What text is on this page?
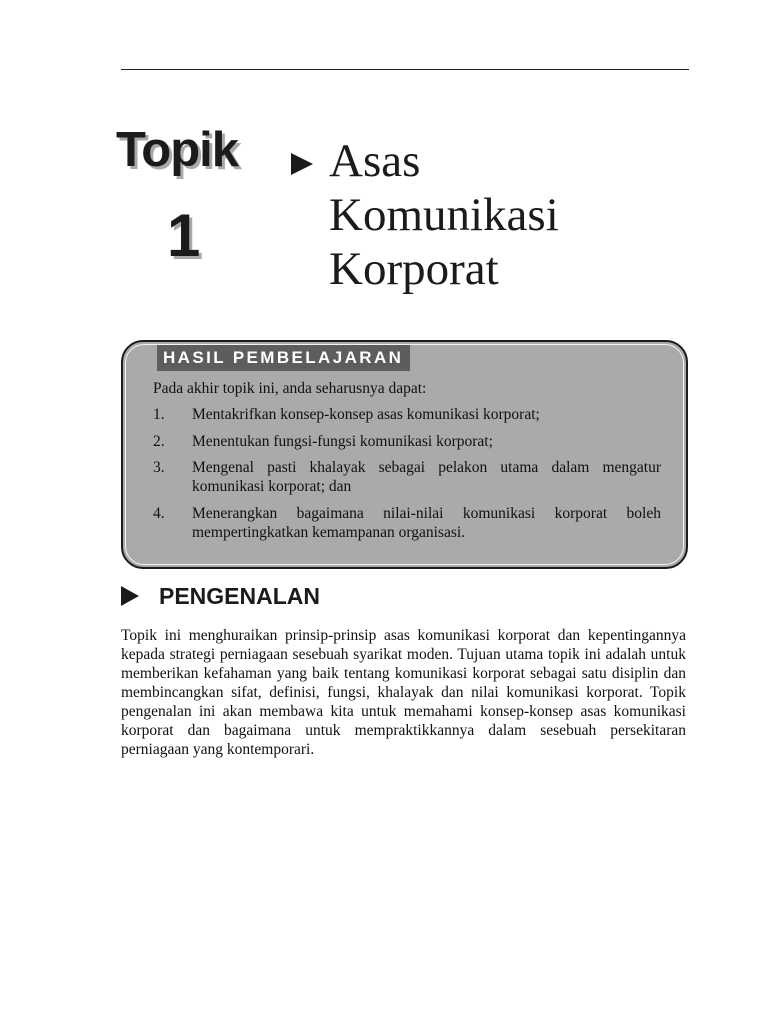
Topik
1
Asas
Komunikasi
Korporat
HASIL PEMBELAJARAN
Pada akhir topik ini, anda seharusnya dapat:
1. Mentakrifkan konsep-konsep asas komunikasi korporat;
2. Menentukan fungsi-fungsi komunikasi korporat;
3. Mengenal pasti khalayak sebagai pelakon utama dalam mengatur komunikasi korporat; dan
4. Menerangkan bagaimana nilai-nilai komunikasi korporat boleh mempertingkatkan kemampanan organisasi.
PENGENALAN

Topik ini menghuraikan prinsip-prinsip asas komunikasi korporat dan kepentingannya kepada strategi perniagaan sesebuah syarikat moden. Tujuan utama topik ini adalah untuk memberikan kefahaman yang baik tentang komunikasi korporat sebagai satu disiplin dan membincangkan sifat, definisi, fungsi, khalayak dan nilai komunikasi korporat. Topik pengenalan ini akan membawa kita untuk memahami konsep-konsep asas komunikasi korporat dan bagaimana untuk mempraktikkannya dalam sesebuah persekitaran perniagaan yang kontemporari.
